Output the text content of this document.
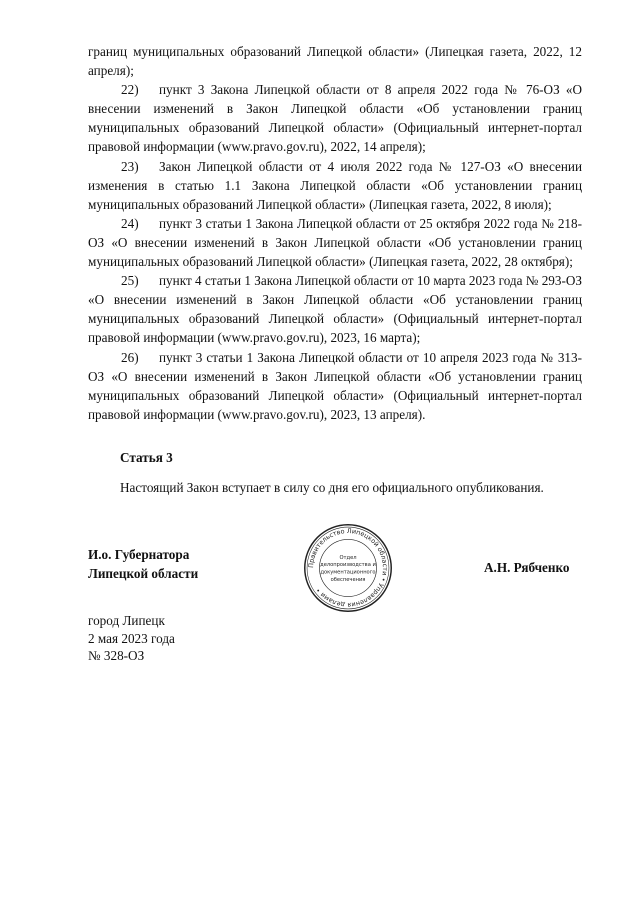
границ муниципальных образований Липецкой области» (Липецкая газета, 2022, 12 апреля);

22) пункт 3 Закона Липецкой области от 8 апреля 2022 года № 76-ОЗ «О внесении изменений в Закон Липецкой области «Об установлении границ муниципальных образований Липецкой области» (Официальный интернет-портал правовой информации (www.pravo.gov.ru), 2022, 14 апреля);

23) Закон Липецкой области от 4 июля 2022 года № 127-ОЗ «О внесении изменения в статью 1.1 Закона Липецкой области «Об установлении границ муниципальных образований Липецкой области» (Липецкая газета, 2022, 8 июля);

24) пункт 3 статьи 1 Закона Липецкой области от 25 октября 2022 года № 218-ОЗ «О внесении изменений в Закон Липецкой области «Об установлении границ муниципальных образований Липецкой области» (Липецкая газета, 2022, 28 октября);

25) пункт 4 статьи 1 Закона Липецкой области от 10 марта 2023 года № 293-ОЗ «О внесении изменений в Закон Липецкой области «Об установлении границ муниципальных образований Липецкой области» (Официальный интернет-портал правовой информации (www.pravo.gov.ru), 2023, 16 марта);

26) пункт 3 статьи 1 Закона Липецкой области от 10 апреля 2023 года № 313-ОЗ «О внесении изменений в Закон Липецкой области «Об установлении границ муниципальных образований Липецкой области» (Официальный интернет-портал правовой информации (www.pravo.gov.ru), 2023, 13 апреля).

Статья 3
Настоящий Закон вступает в силу со дня его официального опубликования.
И.о. Губернатора
Липецкой области
Правительство Липецкой области • Управления делами •
Отдел
делопроизводства и
документационного
обеспечения
А.Н. Рябченко
город Липецк
2 мая 2023 года
№ 328-ОЗ
